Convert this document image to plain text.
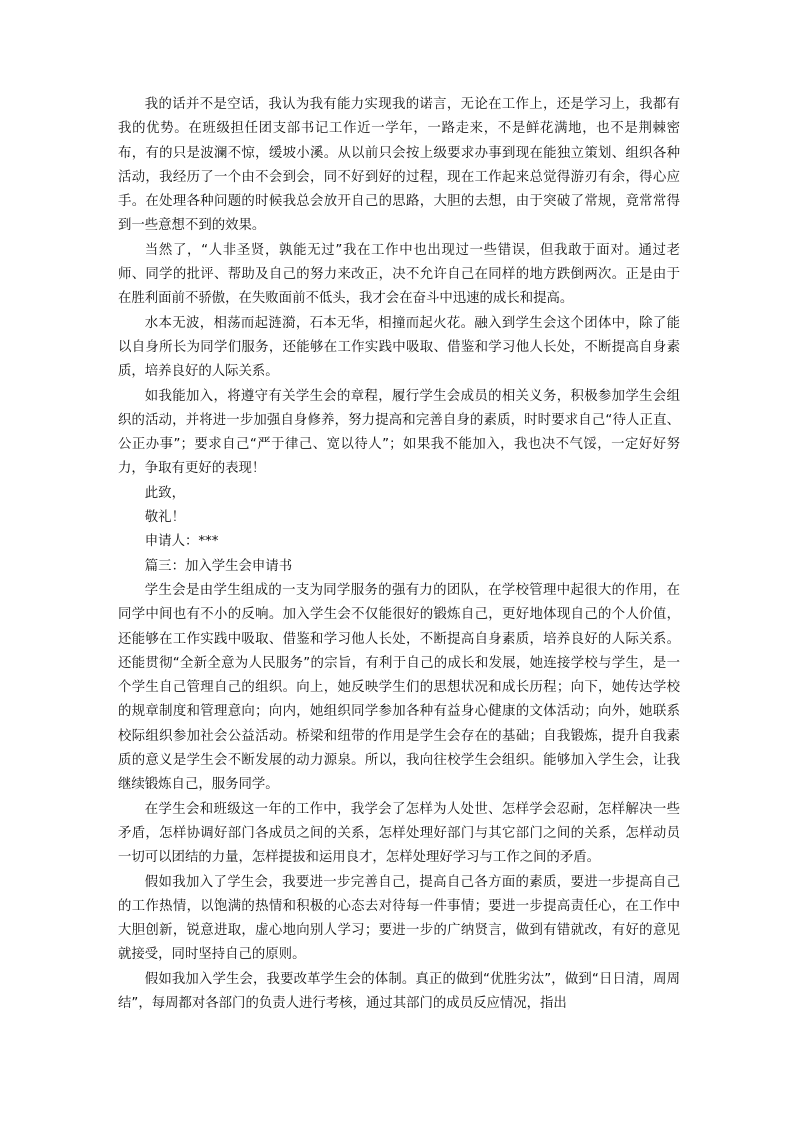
我的话并不是空话，我认为我有能力实现我的诺言，无论在工作上，还是学习上，我都有我的优势。在班级担任团支部书记工作近一学年，一路走来，不是鲜花满地，也不是荆棘密布，有的只是波澜不惊，缓坡小溪。从以前只会按上级要求办事到现在能独立策划、组织各种活动，我经历了一个由不会到会，同不好到好的过程，现在工作起来总觉得游刃有余，得心应手。在处理各种问题的时候我总会放开自己的思路，大胆的去想，由于突破了常规，竟常常得到一些意想不到的效果。

当然了，“人非圣贤，孰能无过”我在工作中也出现过一些错误，但我敢于面对。通过老师、同学的批评、帮助及自己的努力来改正，决不允许自己在同样的地方跌倒两次。正是由于在胜利面前不骄傲，在失败面前不低头，我才会在奋斗中迅速的成长和提高。

水本无波，相荡而起涟漪，石本无华，相撞而起火花。融入到学生会这个团体中，除了能以自身所长为同学们服务，还能够在工作实践中吸取、借鉴和学习他人长处，不断提高自身素质，培养良好的人际关系。

如我能加入，将遵守有关学生会的章程，履行学生会成员的相关义务，积极参加学生会组织的活动，并将进一步加强自身修养，努力提高和完善自身的素质，时时要求自己“待人正直、公正办事”；要求自己“严于律己、宽以待人”；如果我不能加入，我也决不气馁，一定好好努力，争取有更好的表现！

此致，

敬礼！

申请人：***

篇三：加入学生会申请书

学生会是由学生组成的一支为同学服务的强有力的团队，在学校管理中起很大的作用，在同学中间也有不小的反响。加入学生会不仅能很好的锻炼自己，更好地体现自己的个人价值，还能够在工作实践中吸取、借鉴和学习他人长处，不断提高自身素质，培养良好的人际关系。还能贯彻“全新全意为人民服务”的宗旨，有利于自己的成长和发展，她连接学校与学生，是一个学生自己管理自己的组织。向上，她反映学生们的思想状况和成长历程；向下，她传达学校的规章制度和管理意向；向内，她组织同学参加各种有益身心健康的文体活动；向外，她联系校际组织参加社会公益活动。桥梁和纽带的作用是学生会存在的基础；自我锻炼，提升自我素质的意义是学生会不断发展的动力源泉。所以，我向往校学生会组织。能够加入学生会，让我继续锻炼自己，服务同学。

在学生会和班级这一年的工作中，我学会了怎样为人处世、怎样学会忍耐，怎样解决一些矛盾，怎样协调好部门各成员之间的关系，怎样处理好部门与其它部门之间的关系，怎样动员一切可以团结的力量，怎样提拔和运用良才，怎样处理好学习与工作之间的矛盾。

假如我加入了学生会，我要进一步完善自己，提高自己各方面的素质，要进一步提高自己的工作热情，以饱满的热情和积极的心态去对待每一件事情；要进一步提高责任心，在工作中大胆创新，锐意进取，虚心地向别人学习；要进一步的广纳贤言，做到有错就改，有好的意见就接受，同时坚持自己的原则。

假如我加入学生会，我要改革学生会的体制。真正的做到“优胜劣汰”，做到“日日清，周周结”，每周都对各部门的负责人进行考核，通过其部门的成员反应情况，指出
